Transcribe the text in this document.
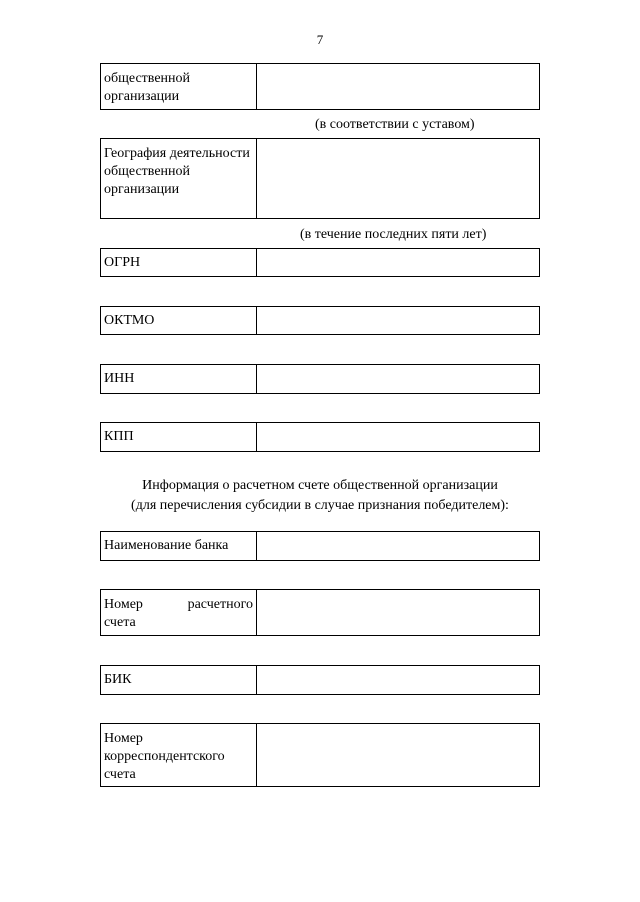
7
общественной организации
(в соответствии с уставом)
География деятельности общественной организации
(в течение последних пяти лет)
ОГРН
ОКТМО
ИНН
КПП
Информация о расчетном счете общественной организации
(для перечисления субсидии в случае признания победителем):
Наименование банка
Номер	расчетного
счета
БИК
Номер корреспондентского счета
